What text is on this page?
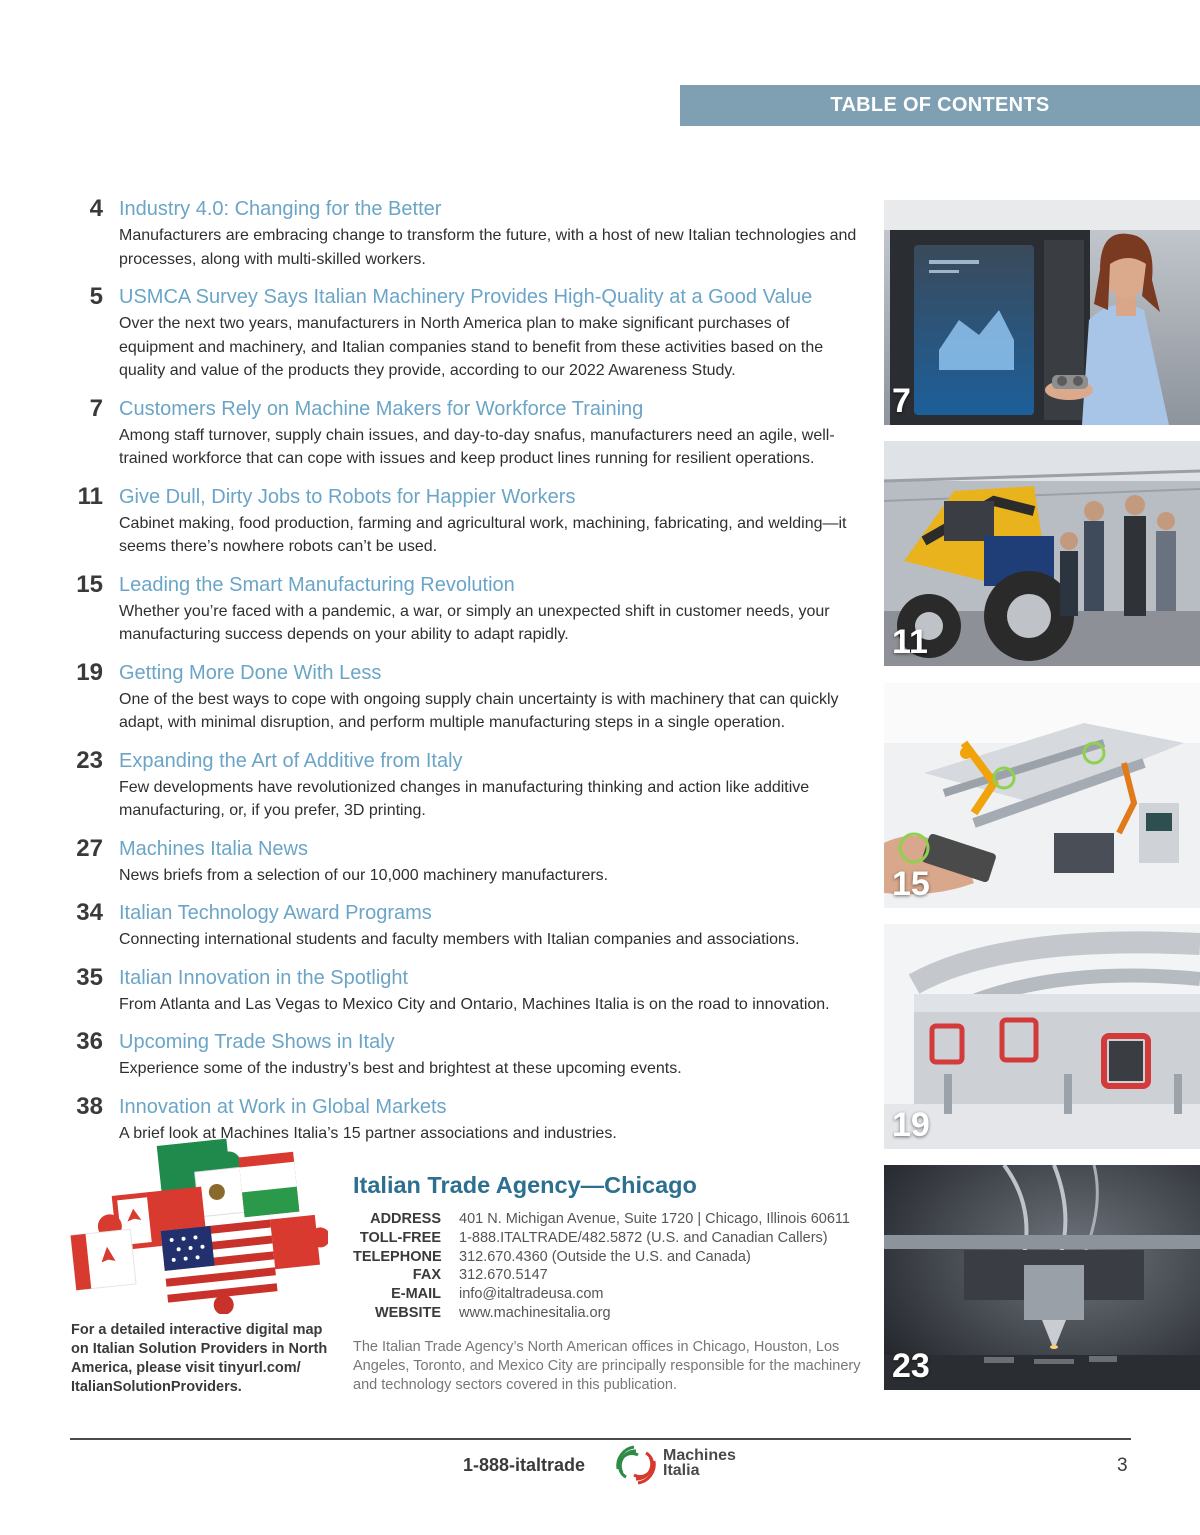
TABLE OF CONTENTS
4 Industry 4.0: Changing for the Better
Manufacturers are embracing change to transform the future, with a host of new Italian technologies and processes, along with multi-skilled workers.
5 USMCA Survey Says Italian Machinery Provides High-Quality at a Good Value
Over the next two years, manufacturers in North America plan to make significant purchases of equipment and machinery, and Italian companies stand to benefit from these activities based on the quality and value of the products they provide, according to our 2022 Awareness Study.
7 Customers Rely on Machine Makers for Workforce Training
Among staff turnover, supply chain issues, and day-to-day snafus, manufacturers need an agile, well-trained workforce that can cope with issues and keep product lines running for resilient operations.
11 Give Dull, Dirty Jobs to Robots for Happier Workers
Cabinet making, food production, farming and agricultural work, machining, fabricating, and welding—it seems there’s nowhere robots can’t be used.
15 Leading the Smart Manufacturing Revolution
Whether you’re faced with a pandemic, a war, or simply an unexpected shift in customer needs, your manufacturing success depends on your ability to adapt rapidly.
19 Getting More Done With Less
One of the best ways to cope with ongoing supply chain uncertainty is with machinery that can quickly adapt, with minimal disruption, and perform multiple manufacturing steps in a single operation.
23 Expanding the Art of Additive from Italy
Few developments have revolutionized changes in manufacturing thinking and action like additive manufacturing, or, if you prefer, 3D printing.
27 Machines Italia News
News briefs from a selection of our 10,000 machinery manufacturers.
34 Italian Technology Award Programs
Connecting international students and faculty members with Italian companies and associations.
35 Italian Innovation in the Spotlight
From Atlanta and Las Vegas to Mexico City and Ontario, Machines Italia is on the road to innovation.
36 Upcoming Trade Shows in Italy
Experience some of the industry’s best and brightest at these upcoming events.
38 Innovation at Work in Global Markets
A brief look at Machines Italia’s 15 partner associations and industries.
7
11
15
19
23
For a detailed interactive digital map on Italian Solution Providers in North America, please visit tinyurl.com/ ItalianSolutionProviders.
Italian Trade Agency—Chicago
ADDRESS 401 N. Michigan Avenue, Suite 1720 | Chicago, Illinois 60611
TOLL-FREE 1-888.ITALTRADE/482.5872 (U.S. and Canadian Callers)
TELEPHONE 312.670.4360 (Outside the U.S. and Canada)
FAX 312.670.5147
E-MAIL info@italtradeusa.com
WEBSITE www.machinesitalia.org
The Italian Trade Agency’s North American offices in Chicago, Houston, Los Angeles, Toronto, and Mexico City are principally responsible for the machinery and technology sectors covered in this publication.
1-888-italtrade	Machines
Italia	3
